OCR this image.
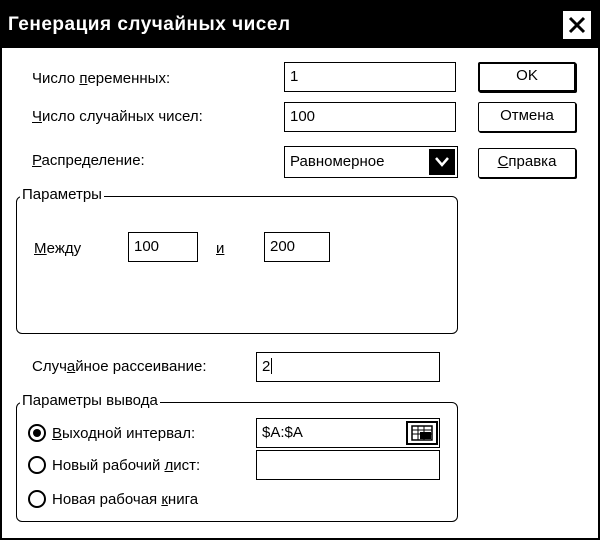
Генерация случайных чисел
Число переменных:	1	OK
Число случайных чисел:	100	Отмена
Распределение:	Равномерное	Справка
Параметры
Между	100	и	200
Случайное рассеивание:	2
Параметры вывода
Выходной интервал:	$A:$A
Новый рабочий лист:
Новая рабочая книга
